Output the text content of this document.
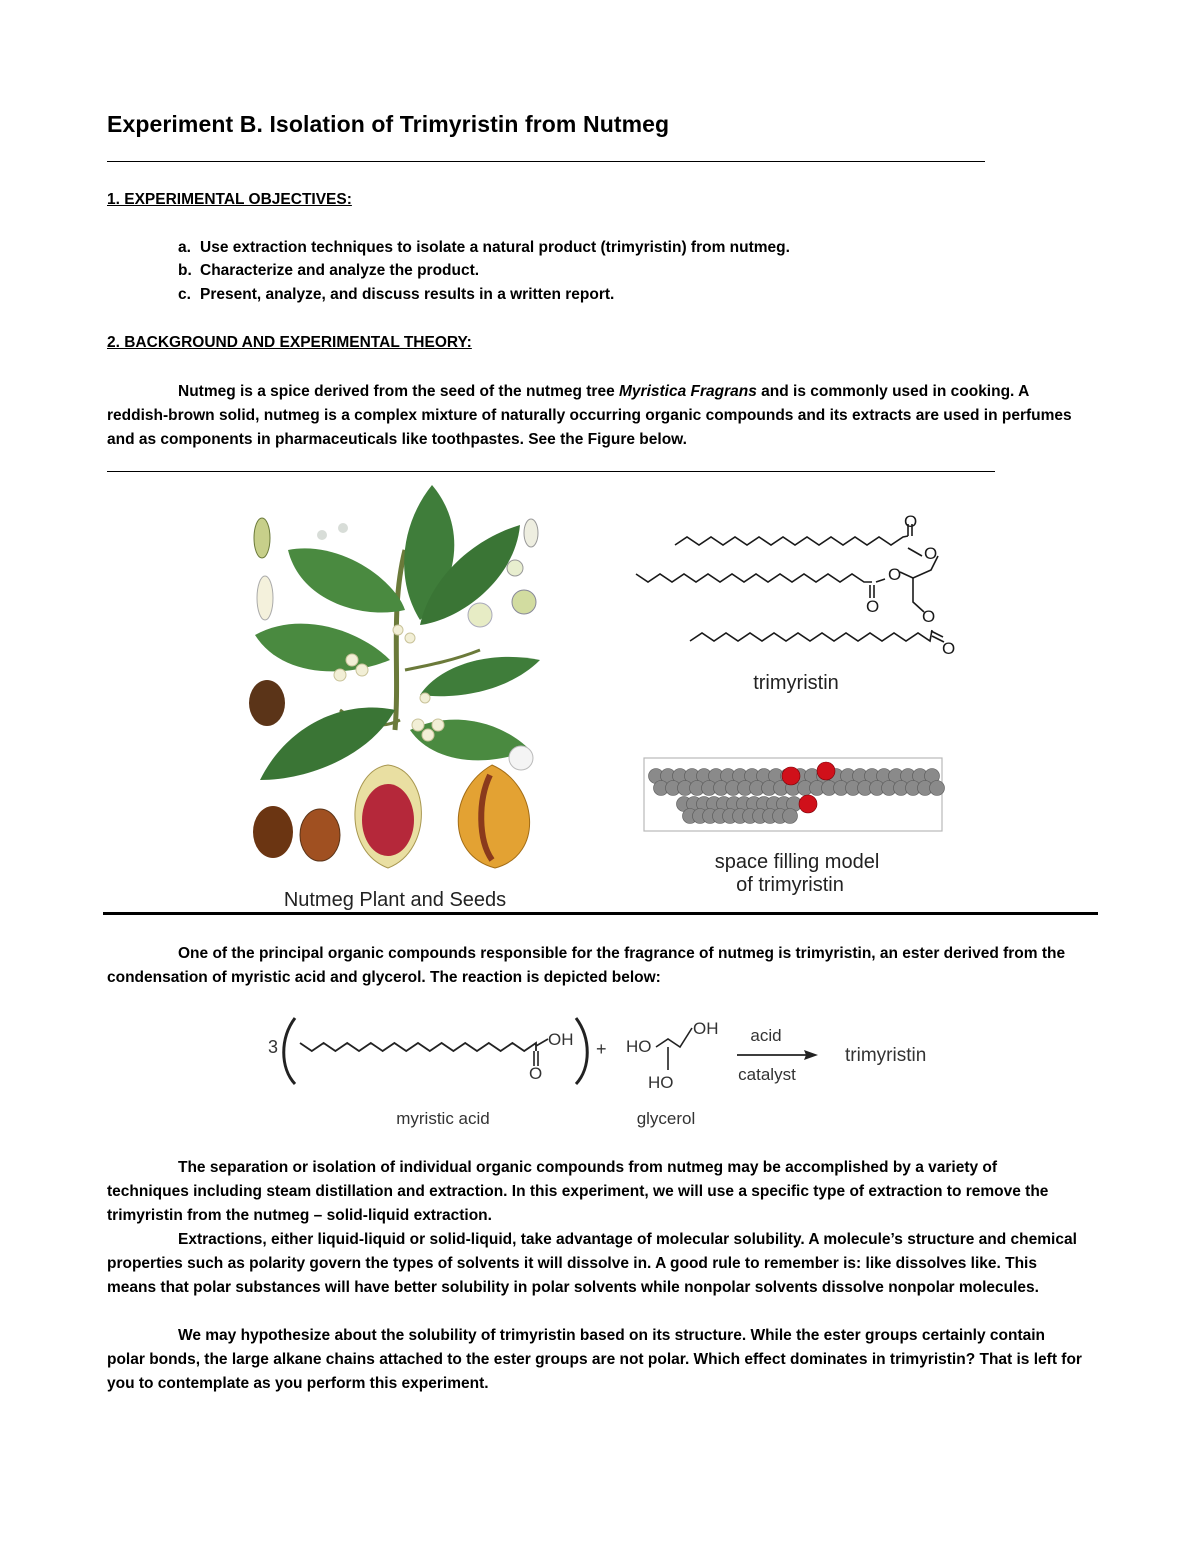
Experiment B. Isolation of Trimyristin from Nutmeg
1. EXPERIMENTAL OBJECTIVES:

a. Use extraction techniques to isolate a natural product (trimyristin) from nutmeg.

b. Characterize and analyze the product.

c. Present, analyze, and discuss results in a written report.

2. BACKGROUND AND EXPERIMENTAL THEORY:

Nutmeg is a spice derived from the seed of the nutmeg tree Myristica Fragrans and is commonly used in cooking. A reddish-brown solid, nutmeg is a complex mixture of naturally occurring organic compounds and its extracts are used in perfumes and as components in pharmaceuticals like toothpastes. See the Figure below.

Nutmeg Plant and Seeds
O
O
O
O
O
O
trimyristin
space filling model
of trimyristin

One of the principal organic compounds responsible for the fragrance of nutmeg is trimyristin, an ester derived from the condensation of myristic acid and glycerol. The reaction is depicted below:

3	OH
O
+ HO
OH
HO
acid
catalyst
trimyristin
myristic acid	glycerol

The separation or isolation of individual organic compounds from nutmeg may be accomplished by a variety of techniques including steam distillation and extraction. In this experiment, we will use a specific type of extraction to remove the trimyristin from the nutmeg – solid-liquid extraction.

Extractions, either liquid-liquid or solid-liquid, take advantage of molecular solubility. A molecule’s structure and chemical properties such as polarity govern the types of solvents it will dissolve in. A good rule to remember is: like dissolves like. This means that polar substances will have better solubility in polar solvents while nonpolar solvents dissolve nonpolar molecules.

We may hypothesize about the solubility of trimyristin based on its structure. While the ester groups certainly contain polar bonds, the large alkane chains attached to the ester groups are not polar. Which effect dominates in trimyristin? That is left for you to contemplate as you perform this experiment.
